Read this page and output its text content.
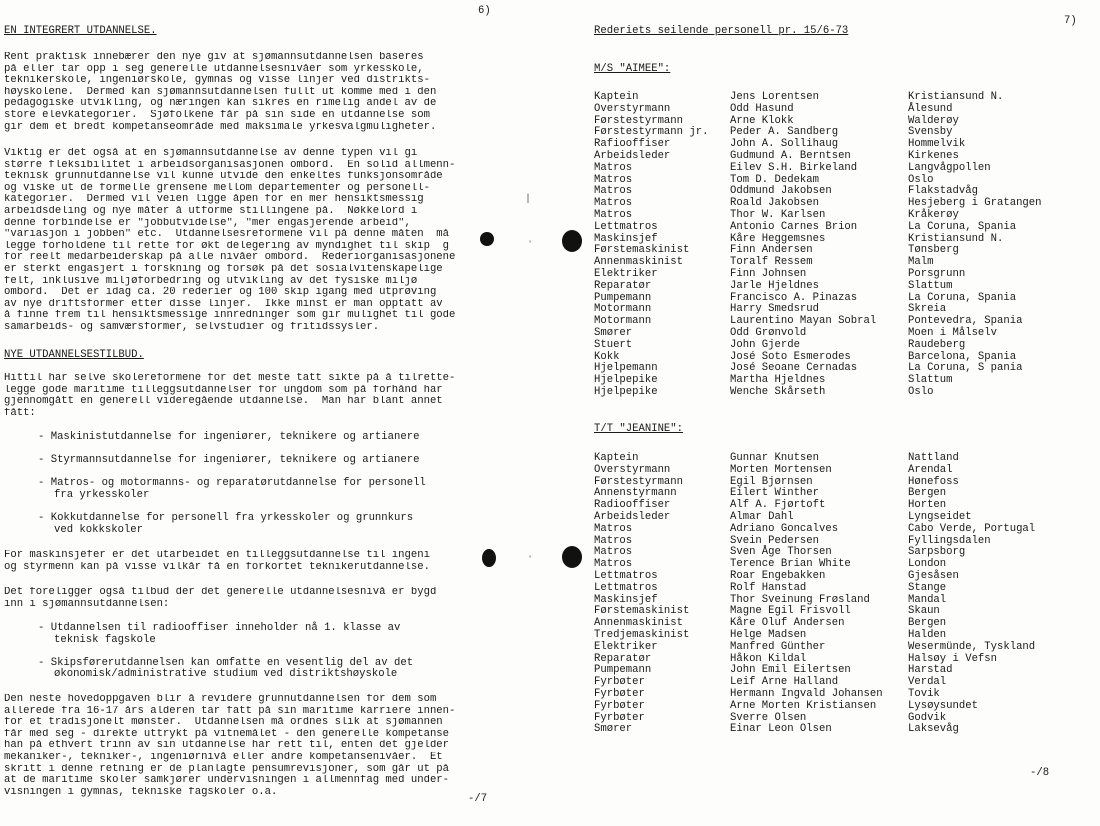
6)
EN INTEGRERT UTDANNELSE.
Rent praktisk innebærer den nye giv at sjømannsutdannelsen baseres
på eller tar opp i seg generelle utdannelsesnivåer som yrkesskole,
teknikerskole, ingeniørskole, gymnas og visse linjer ved distrikts-
høyskolene.  Dermed kan sjømannsutdannelsen fullt ut komme med i den
pedagogiske utvikling, og næringen kan sikres en rimelig andel av de
store elevkategorier.  Sjøfolkene får på sin side en utdannelse som
gir dem et bredt kompetanseområde med maksimale yrkesvalgmuligheter.
Viktig er det også at en sjømannsutdannelse av denne typen vil gi
større fleksibilitet i arbeidsorganisasjonen ombord.  En solid allmenn-
teknisk grunnutdannelse vil kunne utvide den enkeltes funksjonsområde
og viske ut de formelle grensene mellom departementer og personell-
kategorier.  Dermed vil veien ligge åpen for en mer hensiktsmessig
arbeidsdeling og nye måter å utforme stillingene på.  Nøkkelord i
denne forbindelse er "jobbutvidelse", "mer engasjerende arbeid",
"variasjon i jobben" etc.  Utdannelsesreformene vil på denne måten  må
legge forholdene til rette for økt delegering av myndighet til skip  g
for reelt medarbeiderskap på alle nivåer ombord.  Rederiorganisasjonene
er sterkt engasjert i forskning og forsøk på det sosialvitenskapelige
felt, inklusive miljøforbedring og utvikling av det fysiske miljø
ombord.  Det er idag ca. 20 rederier og 100 skip igang med utprøving
av nye driftsformer etter disse linjer.  Ikke minst er man opptatt av
å finne frem til hensiktsmessige innredninger som gir mulighet til gode
samarbeids- og samværsformer, selvstudier og fritidssysler.
NYE UTDANNELSESTILBUD.
Hittil har selve skolereformene for det meste tatt sikte på å tilrette-
legge gode maritime tilleggsutdannelser for ungdom som på forhånd har
gjennomgått en generell videregående utdannelse.  Man har blant annet
fått:
- Maskinistutdannelse for ingeniører, teknikere og artianere
- Styrmannsutdannelse for ingeniører, teknikere og artianere
- Matros- og motormanns- og reparatørutdannelse for personell
fra yrkesskoler
- Kokkutdannelse for personell fra yrkesskoler og grunnkurs
ved kokkskoler
For maskinsjefer er det utarbeidet en tilleggsutdannelse til ingeni
og styrmenn kan på visse vilkår få en forkortet teknikerutdannelse.
Det foreligger også tilbud der det generelle utdannelsesnivå er bygd
inn i sjømannsutdannelsen:
- Utdannelsen til radiooffiser inneholder nå 1. klasse av
teknisk fagskole
- Skipsførerutdannelsen kan omfatte en vesentlig del av det
økonomisk/administrative studium ved distriktshøyskole
Den neste hovedoppgaven blir å revidere grunnutdannelsen for dem som
allerede fra 16-17 års alderen tar fatt på sin maritime karriere innen-
for et tradisjonelt mønster.  Utdannelsen må ordnes slik at sjømannen
får med seg - direkte uttrykt på vitnemålet - den generelle kompetanse
han på ethvert trinn av sin utdannelse har rett til, enten det gjelder
mekaniker-, tekniker-, ingeniørnivå eller andre kompetansenivåer.  Et
skritt i denne retning er de planlagte pensumrevisjoner, som går ut på
at de maritime skoler samkjører undervisningen i allmennfag med under-
visningen i gymnas, tekniske fagskoler o.a.
-/7
|
ʼ
ʼ
7)
Rederiets seilende personell pr. 15/6-73
M/S "AIMEE":
Kaptein	Jens Lorentsen	Kristiansund N.
Overstyrmann	Odd Hasund	Ålesund
Førstestyrmann	Arne Klokk	Walderøy
Førstestyrmann jr.	Peder A. Sandberg	Svensby
Rafiooffiser	John A. Sollihaug	Hommelvik
Arbeidsleder	Gudmund A. Berntsen	Kirkenes
Matros	Eilev S.H. Birkeland	Langvågpollen
Matros	Tom D. Dedekam	Oslo
Matros	Oddmund Jakobsen	Flakstadvåg
Matros	Roald Jakobsen	Hesjeberg i Gratangen
Matros	Thor W. Karlsen	Kråkerøy
Lettmatros	Antonio Carnes Brion	La Coruna, Spania
Maskinsjef	Kåre Heggemsnes	Kristiansund N.
Førstemaskinist	Finn Andersen	Tønsberg
Annenmaskinist	Toralf Ressem	Malm
Elektriker	Finn Johnsen	Porsgrunn
Reparatør	Jarle Hjeldnes	Slattum
Pumpemann	Francisco A. Pinazas	La Coruna, Spania
Motormann	Harry Smedsrud	Skreia
Motormann	Laurentino Mayan Sobral	Pontevedra, Spania
Smører	Odd Grønvold	Moen i Målselv
Stuert	John Gjerde	Raudeberg
Kokk	José Soto Esmerodes	Barcelona, Spania
Hjelpemann	José Seoane Cernadas	La Coruna, S pania
Hjelpepike	Martha Hjeldnes	Slattum
Hjelpepike	Wenche Skårseth	Oslo
T/T "JEANINE":
Kaptein	Gunnar Knutsen	Nattland
Overstyrmann	Morten Mortensen	Arendal
Førstestyrmann	Egil Bjørnsen	Hønefoss
Annenstyrmann	Eilert Winther	Bergen
Radiooffiser	Alf A. Fjørtoft	Horten
Arbeidsleder	Almar Dahl	Lyngseidet
Matros	Adriano Goncalves	Cabo Verde, Portugal
Matros	Svein Pedersen	Fyllingsdalen
Matros	Sven Åge Thorsen	Sarpsborg
Matros	Terence Brian White	London
Lettmatros	Roar Engebakken	Gjesåsen
Lettmatros	Rolf Hanstad	Stange
Maskinsjef	Thor Sveinung Frøsland	Mandal
Førstemaskinist	Magne Egil Frisvoll	Skaun
Annenmaskinist	Kåre Oluf Andersen	Bergen
Tredjemaskinist	Helge Madsen	Halden
Elektriker	Manfred Günther	Wesermünde, Tyskland
Reparatør	Håkon Kildal	Halsøy i Vefsn
Pumpemann	John Emil Eilertsen	Harstad
Fyrbøter	Leif Arne Halland	Verdal
Fyrbøter	Hermann Ingvald Johansen	Tovik
Fyrbøter	Arne Morten Kristiansen	Lysøysundet
Fyrbøter	Sverre Olsen	Godvik
Smører	Einar Leon Olsen	Laksevåg
-/8
